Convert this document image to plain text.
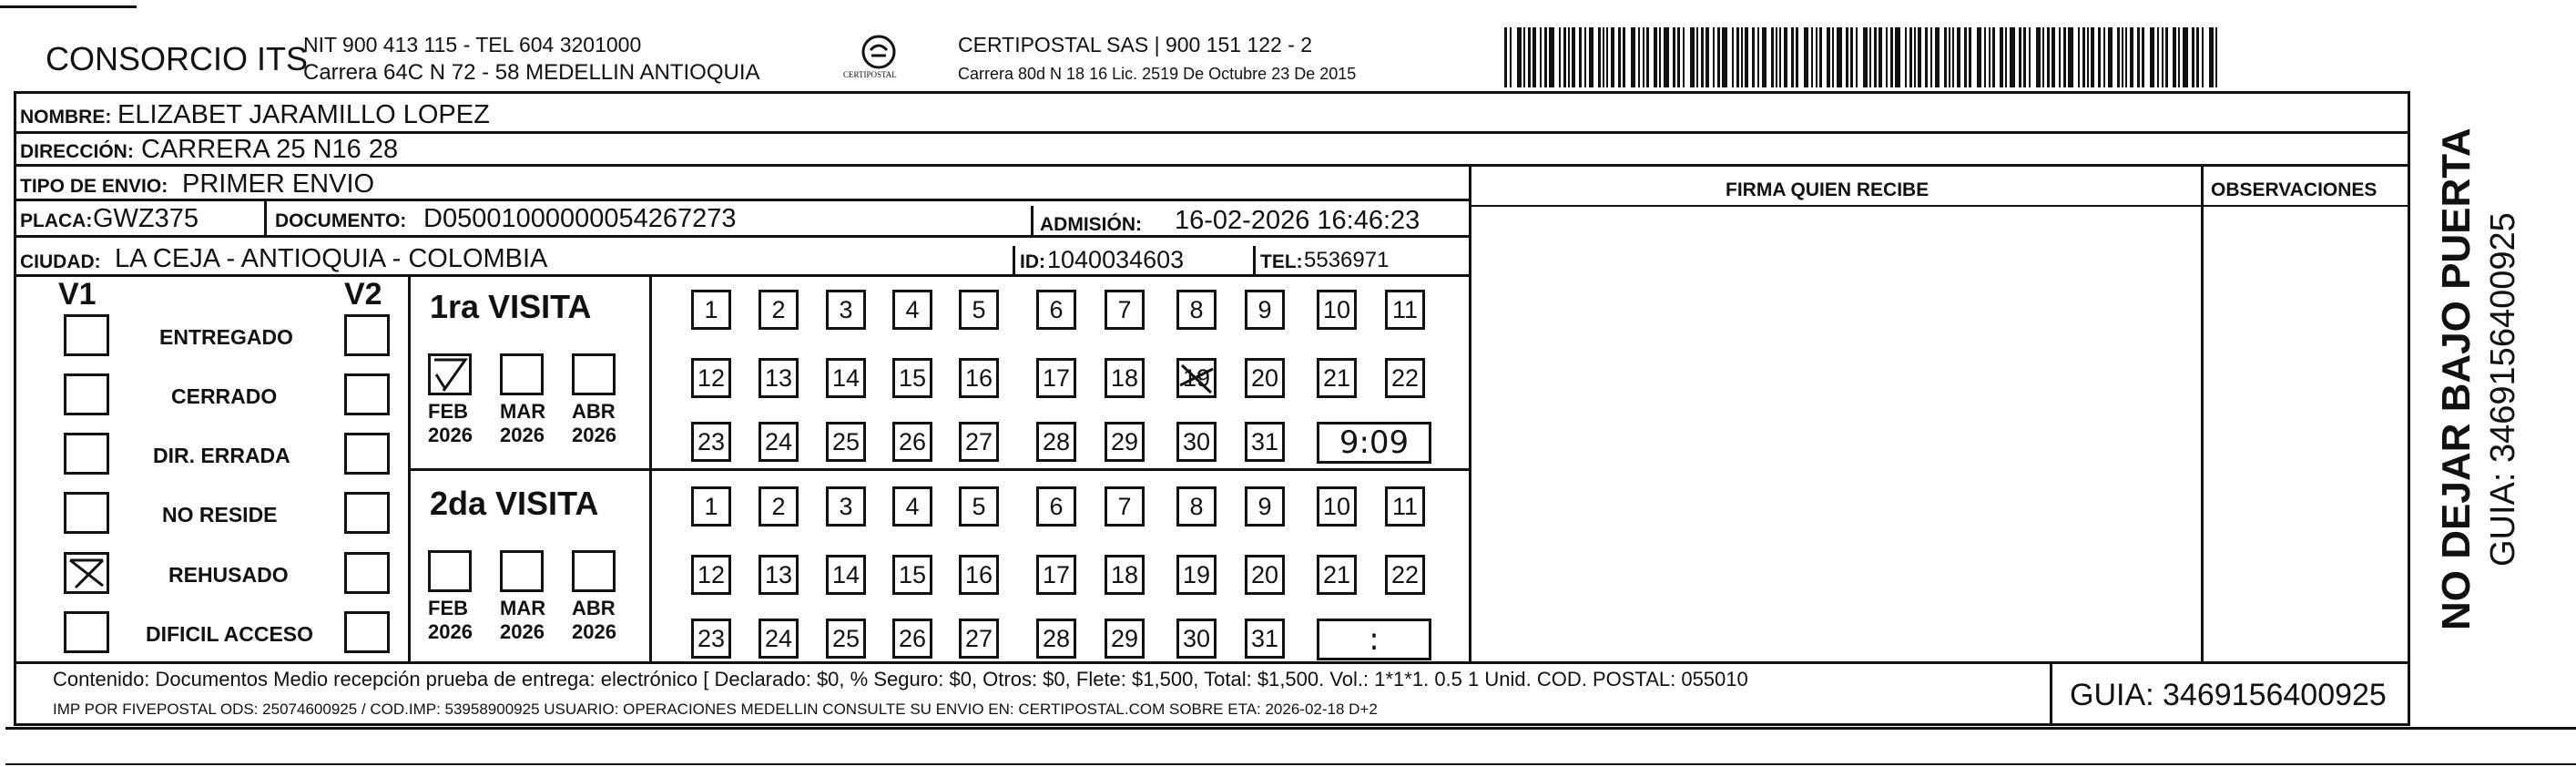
CONSORCIO ITS
NIT 900 413 115 - TEL 604 3201000
Carrera 64C N 72 - 58 MEDELLIN ANTIOQUIA	CERTIPOSTAL
CERTIPOSTAL SAS | 900 151 122 - 2
Carrera 80d N 18 16 Lic. 2519 De Octubre 23 De 2015
NOMBRE: ELIZABET JARAMILLO LOPEZ
DIRECCIÓN: CARRERA 25 N16 28
TIPO DE ENVIO: PRIMER ENVIO
PLACA: GWZ375	DOCUMENTO: D05001000000054267273	ADMISIÓN: 16-02-2026 16:46:23
CIUDAD: LA CEJA - ANTIOQUIA - COLOMBIA	ID: 1040034603	TEL: 5536971
FIRMA QUIEN RECIBE	OBSERVACIONES
V1	V2
ENTREGADO
CERRADO
DIR. ERRADA
NO RESIDE
REHUSADO
DIFICIL ACCESO
1ra VISITA
FEB
2026
MAR
2026
ABR
2026
1	2	3	4	5	6	7	8	9	10 11
12 13 14 15 16 17 18 19 20 21 22
23 24 25 26 27 28 29 30 31	9:09
2da VISITA
FEB
2026
MAR
2026
ABR
2026
1	2	3	4	5	6	7	8	9	10 11
12 13 14 15 16 17 18 19 20 21 22
23 24 25 26 27 28 29 30 31	:
Contenido: Documentos Medio recepción prueba de entrega: electrónico [ Declarado: $0, % Seguro: $0, Otros: $0, Flete: $1,500, Total: $1,500. Vol.: 1*1*1. 0.5 1 Unid. COD. POSTAL: 055010
IMP POR FIVEPOSTAL ODS: 25074600925 / COD.IMP: 53958900925 USUARIO: OPERACIONES MEDELLIN CONSULTE SU ENVIO EN: CERTIPOSTAL.COM SOBRE ETA: 2026-02-18 D+2	GUIA: 3469156400925
NO DEJAR BAJO PUERTA GUIA: 3469156400925
